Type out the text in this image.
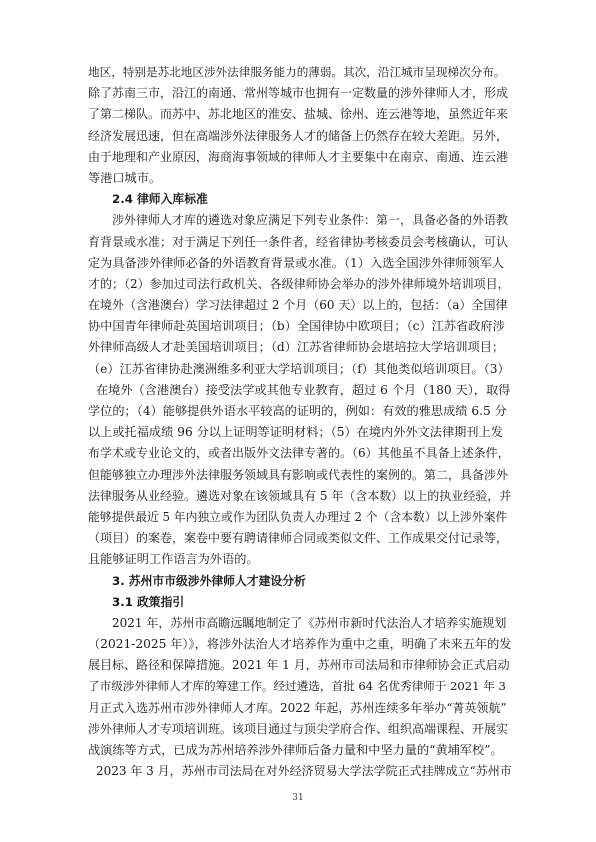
地区，特别是苏北地区涉外法律服务能力的薄弱。其次，沿江城市呈现梯次分布。
除了苏南三市，沿江的南通、常州等城市也拥有一定数量的涉外律师人才，形成
了第二梯队。而苏中、苏北地区的淮安、盐城、徐州、连云港等地，虽然近年来
经济发展迅速，但在高端涉外法律服务人才的储备上仍然存在较大差距。另外，
由于地理和产业原因，海商海事领域的律师人才主要集中在南京、南通、连云港
等港口城市。
2.4 律师入库标准
涉外律师人才库的遴选对象应满足下列专业条件：第一，具备必备的外语教
育背景或水准；对于满足下列任一条件者，经省律协考核委员会考核确认，可认
定为具备涉外律师必备的外语教育背景或水准。（1）入选全国涉外律师领军人
才的；（2）参加过司法行政机关、各级律师协会举办的涉外律师境外培训项目，
在境外（含港澳台）学习法律超过 2 个月（60 天）以上的，包括：（a）全国律
协中国青年律师赴英国培训项目；（b）全国律协中欧项目；（c）江苏省政府涉
外律师高级人才赴美国培训项目；（d）江苏省律师协会堪培拉大学培训项目；
（e）江苏省律协赴澳洲维多利亚大学培训项目；（f）其他类似培训项目。（3）
在境外（含港澳台）接受法学或其他专业教育，超过 6 个月（180 天），取得
学位的；（4）能够提供外语水平较高的证明的，例如：有效的雅思成绩 6.5 分
以上或托福成绩 96 分以上证明等证明材料；（5）在境内外外文法律期刊上发
布学术或专业论文的，或者出版外文法律专著的。（6）其他虽不具备上述条件，
但能够独立办理涉外法律服务领域具有影响或代表性的案例的。第二，具备涉外
法律服务从业经验。遴选对象在该领域具有 5 年（含本数）以上的执业经验，并
能够提供最近 5 年内独立或作为团队负责人办理过 2 个（含本数）以上涉外案件
（项目）的案卷，案卷中要有聘请律师合同或类似文件、工作成果交付记录等，
且能够证明工作语言为外语的。
3. 苏州市市级涉外律师人才建设分析
3.1 政策指引
2021 年，苏州市高瞻远瞩地制定了《苏州市新时代法治人才培养实施规划
（2021-2025 年）》，将涉外法治人才培养作为重中之重，明确了未来五年的发
展目标、路径和保障措施。2021 年 1 月，苏州市司法局和市律师协会正式启动
了市级涉外律师人才库的筹建工作。经过遴选，首批 64 名优秀律师于 2021 年 3
月正式入选苏州市涉外律师人才库。2022 年起，苏州连续多年举办“菁英领航”
涉外律师人才专项培训班。该项目通过与顶尖学府合作、组织高端课程、开展实
战演练等方式，已成为苏州培养涉外律师后备力量和中坚力量的“黄埔军校”。
2023 年 3 月，苏州市司法局在对外经济贸易大学法学院正式挂牌成立“苏州市
31
